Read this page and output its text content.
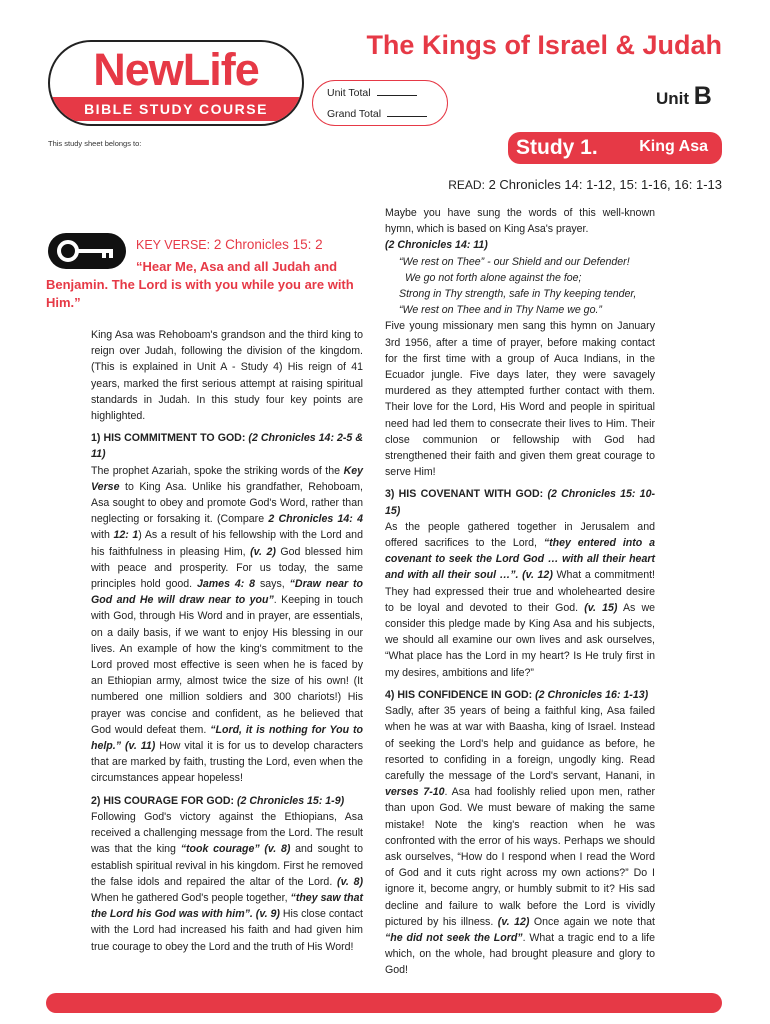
NewLife
BIBLE STUDY COURSE
This study sheet belongs to:
The Kings of Israel & Judah
Unit Total
Grand Total
Unit B
Study 1.	King Asa
READ: 2 Chronicles 14: 1-12, 15: 1-16, 16: 1-13
KEY VERSE: 2 Chronicles 15: 2
“Hear Me, Asa and all Judah and
Benjamin. The Lord is with you while you are with Him.”

King Asa was Rehoboam's grandson and the third king to reign over Judah, following the division of the kingdom. (This is explained in Unit A - Study 4) His reign of 41 years, marked the first serious attempt at raising spiritual standards in Judah. In this study four key points are highlighted.

1) HIS COMMITMENT TO GOD: (2 Chronicles 14: 2-5 & 11)
The prophet Azariah, spoke the striking words of the Key Verse to King Asa. Unlike his grandfather, Rehoboam, Asa sought to obey and promote God's Word, rather than neglecting or forsaking it. (Compare 2 Chronicles 14: 4 with 12: 1) As a result of his fellowship with the Lord and his faithfulness in pleasing Him, (v. 2) God blessed him with peace and prosperity. For us today, the same principles hold good. James 4: 8 says, “Draw near to God and He will draw near to you”. Keeping in touch with God, through His Word and in prayer, are essentials, on a daily basis, if we want to enjoy His blessing in our lives. An example of how the king's commitment to the Lord proved most effective is seen when he is faced by an Ethiopian army, almost twice the size of his own! (It numbered one million soldiers and 300 chariots!) His prayer was concise and confident, as he believed that God would defeat them. “Lord, it is nothing for You to help.” (v. 11) How vital it is for us to develop characters that are marked by faith, trusting the Lord, even when the circumstances appear hopeless!

2) HIS COURAGE FOR GOD: (2 Chronicles 15: 1-9)
Following God's victory against the Ethiopians, Asa received a challenging message from the Lord. The result was that the king “took courage” (v. 8) and sought to establish spiritual revival in his kingdom. First he removed the false idols and repaired the altar of the Lord. (v. 8) When he gathered God's people together, “they saw that the Lord his God was with him”. (v. 9) His close contact with the Lord had increased his faith and had given him true courage to obey the Lord and the truth of His Word!

Maybe you have sung the words of this well-known hymn, which is based on King Asa's prayer.

(2 Chronicles 14: 11)

“We rest on Thee” - our Shield and our Defender!
We go not forth alone against the foe;
Strong in Thy strength, safe in Thy keeping tender,
“We rest on Thee and in Thy Name we go.”

Five young missionary men sang this hymn on January 3rd 1956, after a time of prayer, before making contact for the first time with a group of Auca Indians, in the Ecuador jungle. Five days later, they were savagely murdered as they attempted further contact with them. Their love for the Lord, His Word and people in spiritual need had led them to consecrate their lives to Him. Their close communion or fellowship with God had strengthened their faith and given them great courage to serve Him!

3) HIS COVENANT WITH GOD: (2 Chronicles 15: 10-15)
As the people gathered together in Jerusalem and offered sacrifices to the Lord, “they entered into a covenant to seek the Lord God … with all their heart and with all their soul …”. (v. 12) What a commitment! They had expressed their true and wholehearted desire to be loyal and devoted to their God. (v. 15) As we consider this pledge made by King Asa and his subjects, we should all examine our own lives and ask ourselves, “What place has the Lord in my heart? Is He truly first in my desires, ambitions and life?”

4) HIS CONFIDENCE IN GOD: (2 Chronicles 16: 1-13)
Sadly, after 35 years of being a faithful king, Asa failed when he was at war with Baasha, king of Israel. Instead of seeking the Lord's help and guidance as before, he resorted to confiding in a foreign, ungodly king. Read carefully the message of the Lord's servant, Hanani, in verses 7-10. Asa had foolishly relied upon men, rather than upon God. We must beware of making the same mistake! Note the king's reaction when he was confronted with the error of his ways. Perhaps we should ask ourselves, “How do I respond when I read the Word of God and it cuts right across my own actions?” Do I ignore it, become angry, or humbly submit to it? His sad decline and failure to walk before the Lord is vividly pictured by his illness. (v. 12) Once again we note that “he did not seek the Lord”. What a tragic end to a life which, on the whole, had brought pleasure and glory to God!
